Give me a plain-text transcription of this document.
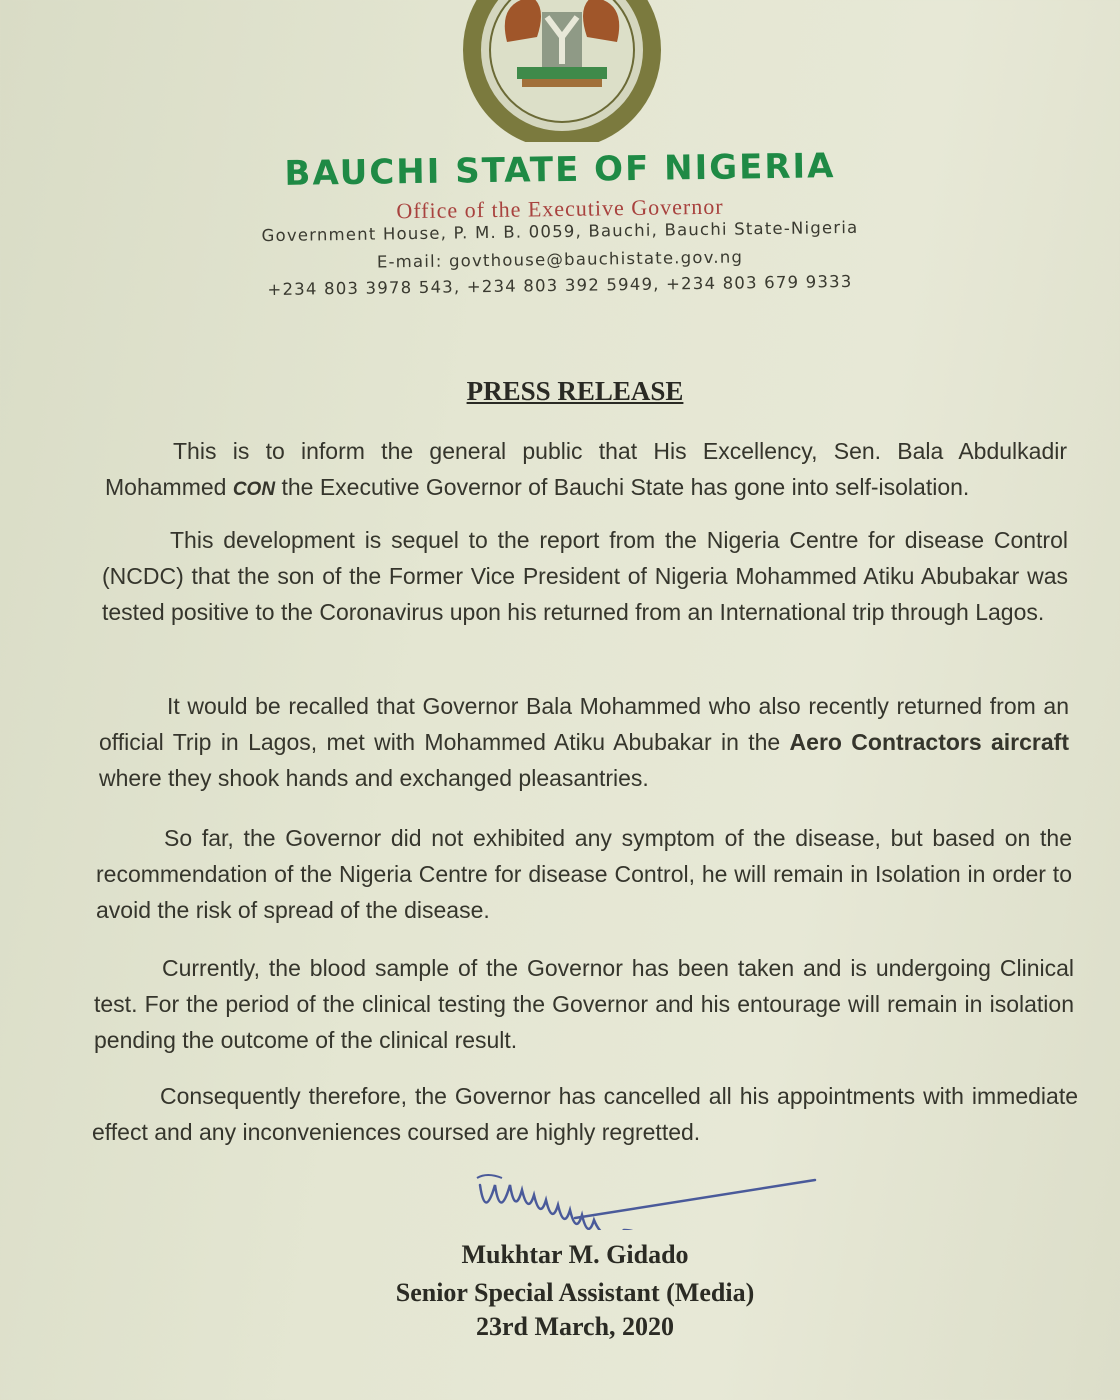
BAUCHI STATE OF NIGERIA
Office of the Executive Governor
Government House, P. M. B. 0059, Bauchi, Bauchi State-Nigeria
E-mail: govthouse@bauchistate.gov.ng
+234 803 3978 543, +234 803 392 5949, +234 803 679 9333
PRESS RELEASE
This is to inform the general public that His Excellency, Sen. Bala Abdulkadir Mohammed CON the Executive Governor of Bauchi State has gone into self-isolation.
This development is sequel to the report from the Nigeria Centre for disease Control (NCDC) that the son of the Former Vice President of Nigeria Mohammed Atiku Abubakar was tested positive to the Coronavirus upon his returned from an International trip through Lagos.
It would be recalled that Governor Bala Mohammed who also recently returned from an official Trip in Lagos, met with Mohammed Atiku Abubakar in the Aero Contractors aircraft where they shook hands and exchanged pleasantries.
So far, the Governor did not exhibited any symptom of the disease, but based on the recommendation of the Nigeria Centre for disease Control, he will remain in Isolation in order to avoid the risk of spread of the disease.
Currently, the blood sample of the Governor has been taken and is undergoing Clinical test. For the period of the clinical testing the Governor and his entourage will remain in isolation pending the outcome of the clinical result.
Consequently therefore, the Governor has cancelled all his appointments with immediate effect and any inconveniences coursed are highly regretted.
Mukhtar M. Gidado
Senior Special Assistant (Media)
23rd March, 2020
